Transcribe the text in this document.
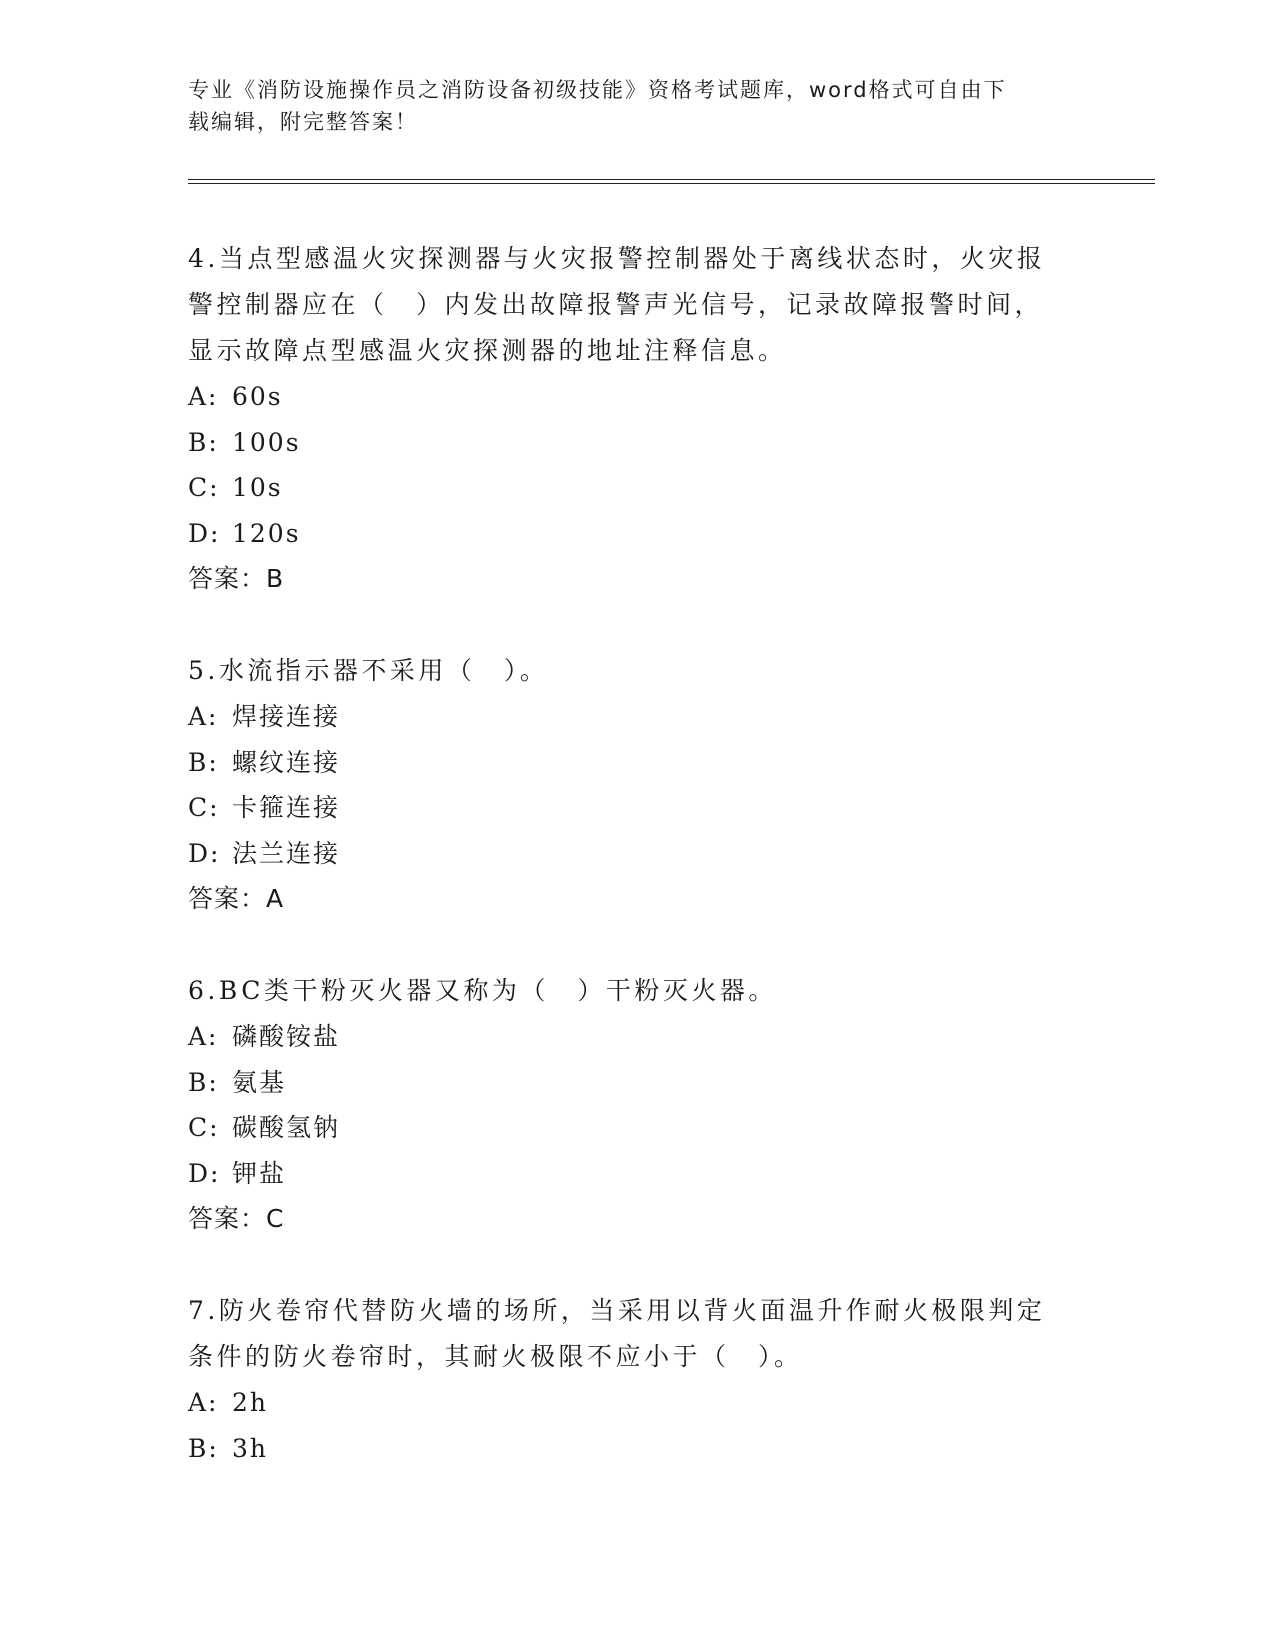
专业《消防设施操作员之消防设备初级技能》资格考试题库，word格式可自由下
载编辑，附完整答案！

4.当点型感温火灾探测器与火灾报警控制器处于离线状态时，火灾报

警控制器应在（　）内发出故障报警声光信号，记录故障报警时间，

显示故障点型感温火灾探测器的地址注释信息。

A: 60s

B: 100s

C: 10s

D: 120s

答案：B

5.水流指示器不采用（　）。

A: 焊接连接

B: 螺纹连接

C: 卡箍连接

D: 法兰连接

答案：A

6.BC类干粉灭火器又称为（　）干粉灭火器。

A: 磷酸铵盐

B: 氨基

C: 碳酸氢钠

D: 钾盐

答案：C

7.防火卷帘代替防火墙的场所，当采用以背火面温升作耐火极限判定

条件的防火卷帘时，其耐火极限不应小于（　）。

A: 2h

B: 3h
